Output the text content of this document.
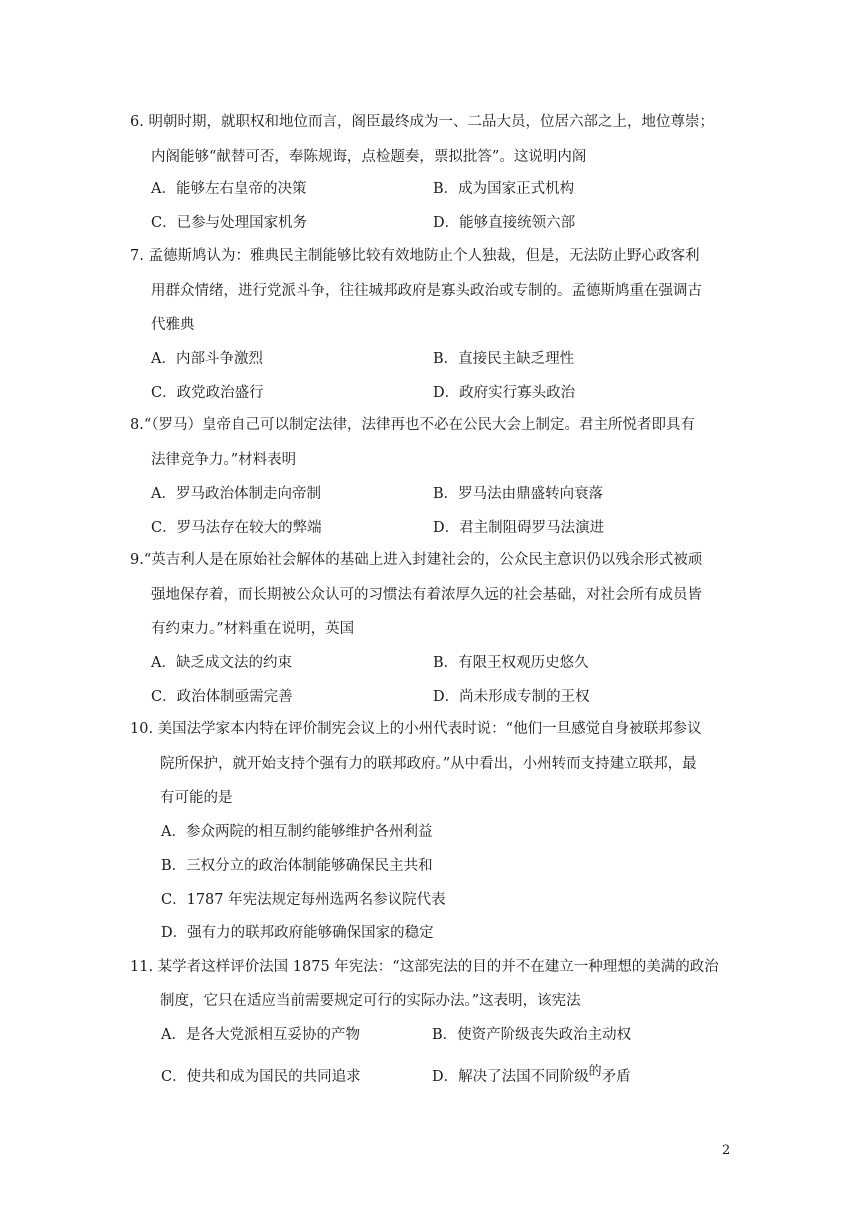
6. 明朝时期，就职权和地位而言，阁臣最终成为一、二品大员，位居六部之上，地位尊崇；
内阁能够“献替可否，奉陈规诲，点检题奏，票拟批答”。这说明内阁
A．能够左右皇帝的决策	B．成为国家正式机构
C．已参与处理国家机务	D．能够直接统领六部
7. 孟德斯鸠认为：雅典民主制能够比较有效地防止个人独裁，但是，无法防止野心政客利
用群众情绪，进行党派斗争，往往城邦政府是寡头政治或专制的。孟德斯鸠重在强调古
代雅典
A．内部斗争激烈	B．直接民主缺乏理性
C．政党政治盛行	D．政府实行寡头政治
8.“（罗马）皇帝自己可以制定法律，法律再也不必在公民大会上制定。君主所悦者即具有
法律竞争力。”材料表明
A．罗马政治体制走向帝制	B．罗马法由鼎盛转向衰落
C．罗马法存在较大的弊端	D．君主制阻碍罗马法演进
9.“英吉利人是在原始社会解体的基础上进入封建社会的，公众民主意识仍以残余形式被顽
强地保存着，而长期被公众认可的习惯法有着浓厚久远的社会基础，对社会所有成员皆
有约束力。”材料重在说明，英国
A．缺乏成文法的约束	B．有限王权观历史悠久
C．政治体制亟需完善	D．尚未形成专制的王权
10. 美国法学家本内特在评价制宪会议上的小州代表时说：“他们一旦感觉自身被联邦参议
院所保护，就开始支持个强有力的联邦政府。”从中看出，小州转而支持建立联邦，最
有可能的是
A．参众两院的相互制约能够维护各州利益
B．三权分立的政治体制能够确保民主共和
C．1787 年宪法规定每州选两名参议院代表
D．强有力的联邦政府能够确保国家的稳定
11. 某学者这样评价法国 1875 年宪法：“这部宪法的目的并不在建立一种理想的美满的政治
制度，它只在适应当前需要规定可行的实际办法。”这表明，该宪法
A．是各大党派相互妥协的产物	B．使资产阶级丧失政治主动权
C．使共和成为国民的共同追求	D．解决了法国不同阶级的矛盾
2
